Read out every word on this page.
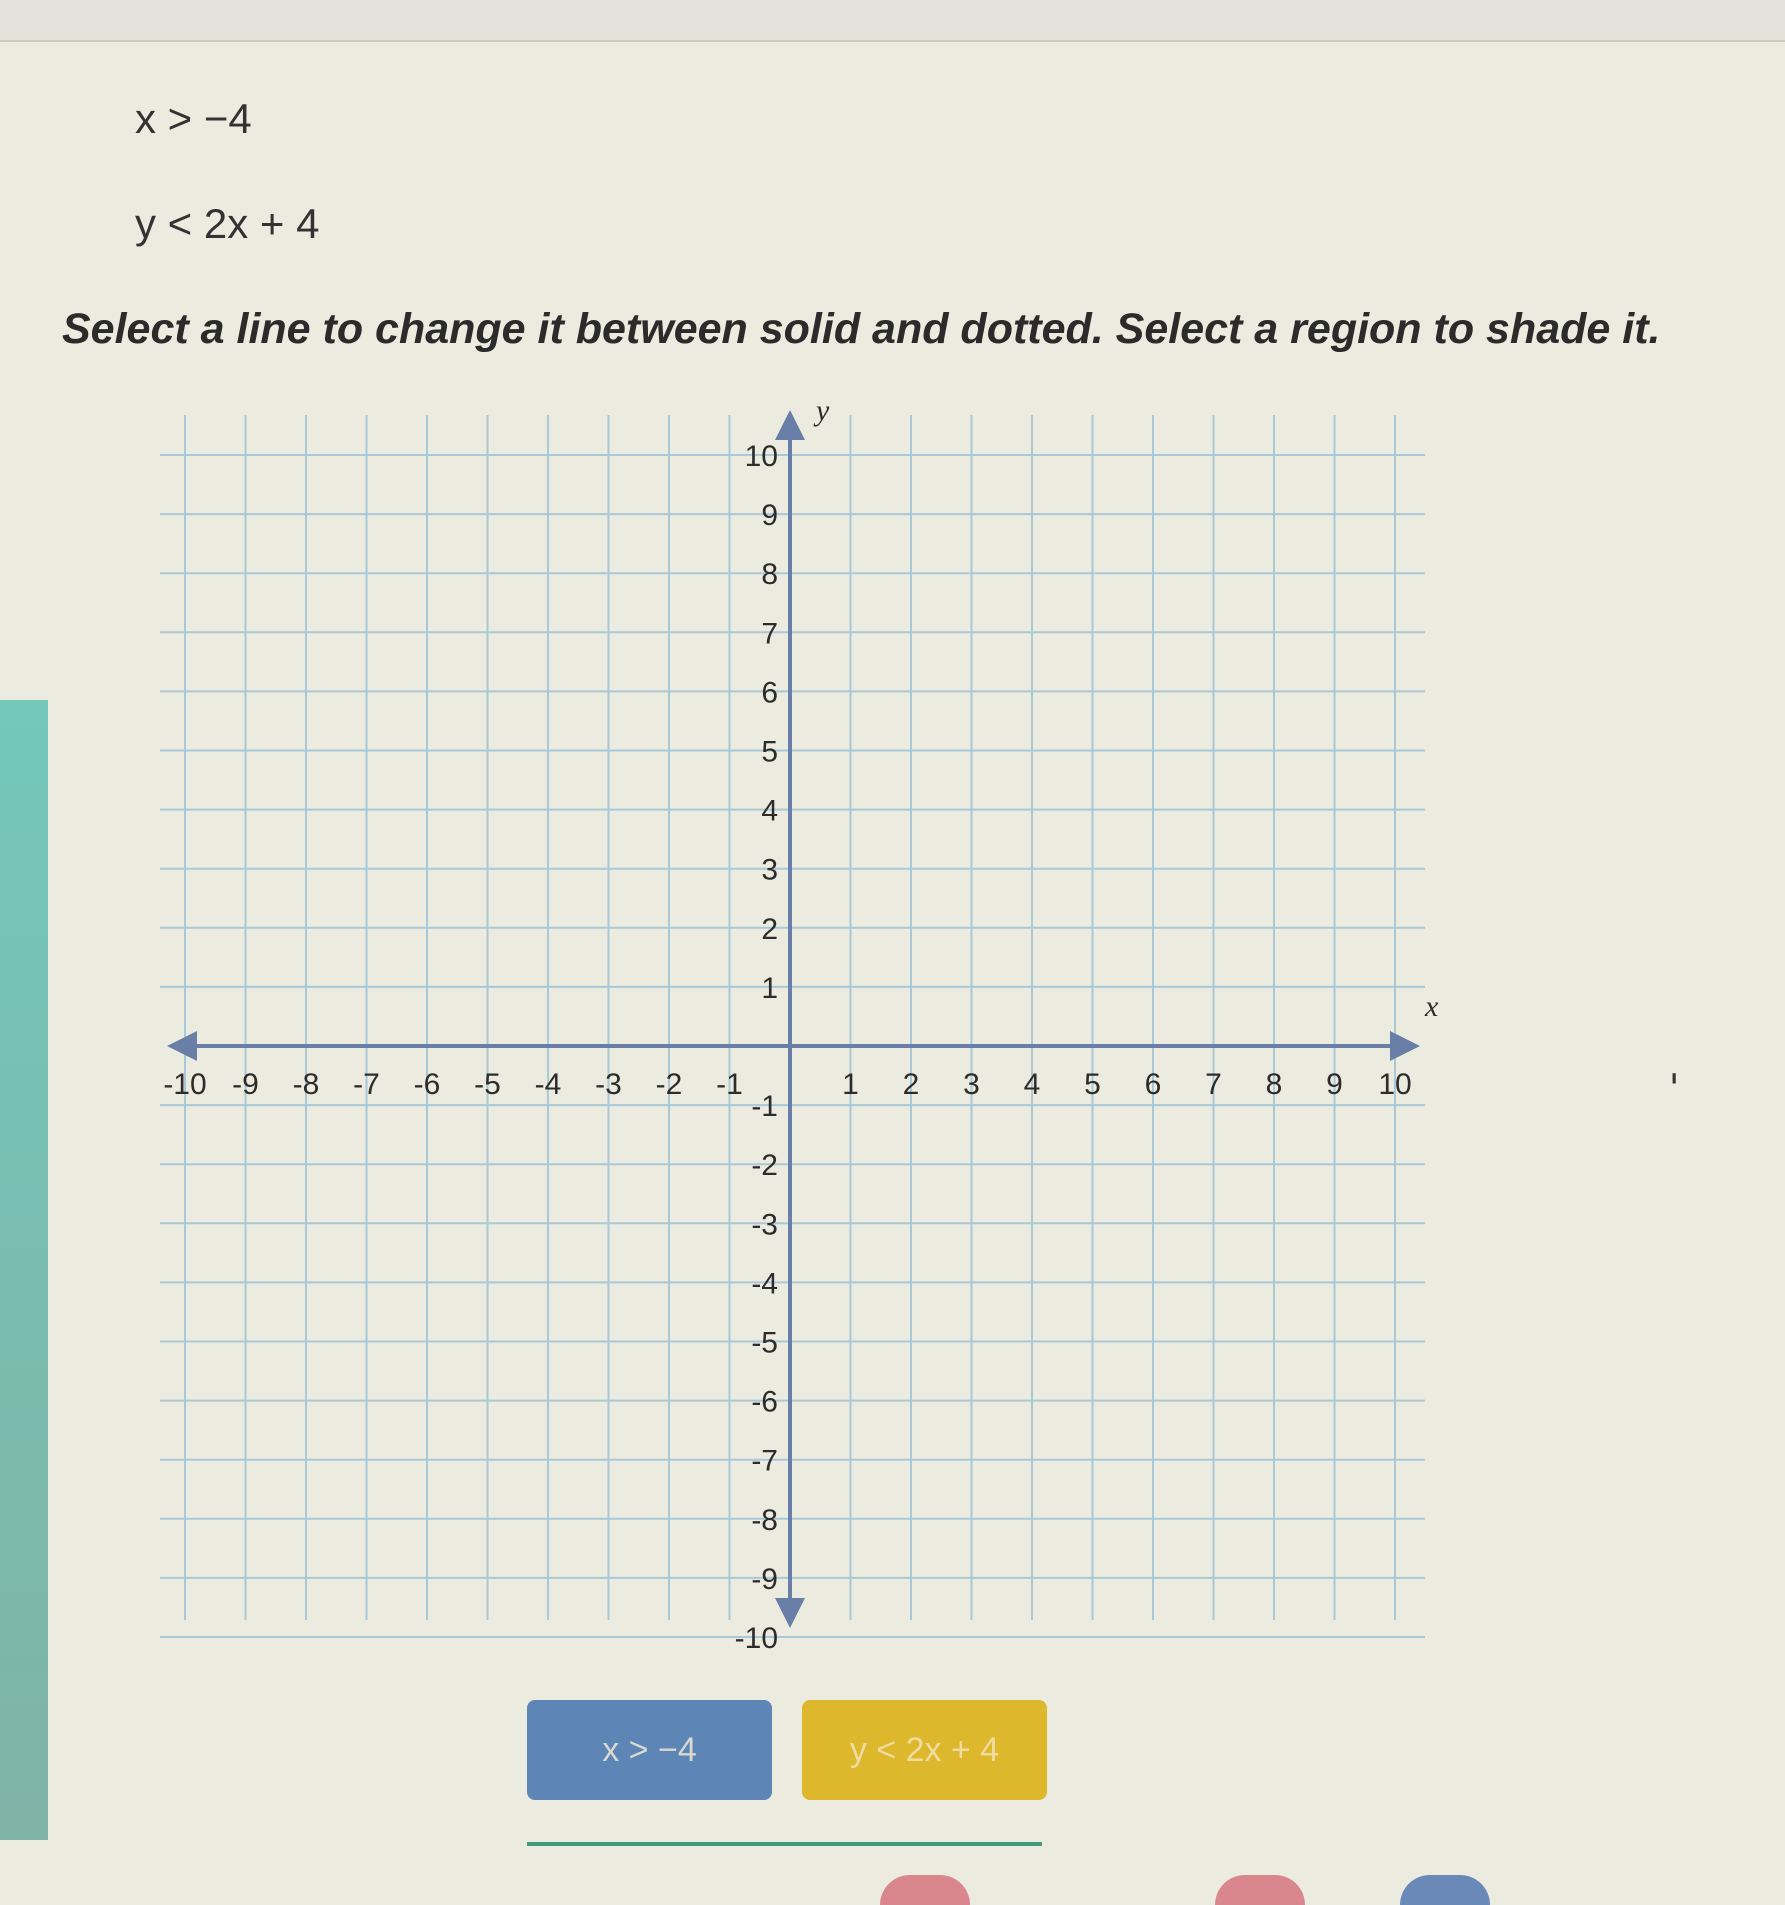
x > −4
y < 2x + 4
Select a line to change it between solid and dotted. Select a region to shade it.
-10 -9 -8 -7 -6 -5 -4 -3 -2 -1	1 2 3 4 5 6 7 8 9 10
10
9
8
7
6
5
4
3
2
1
-1
-2
-3
-4
-5
-6
-7
-8
-9
-10
x
y
x > −4	y < 2x + 4
ˌ
